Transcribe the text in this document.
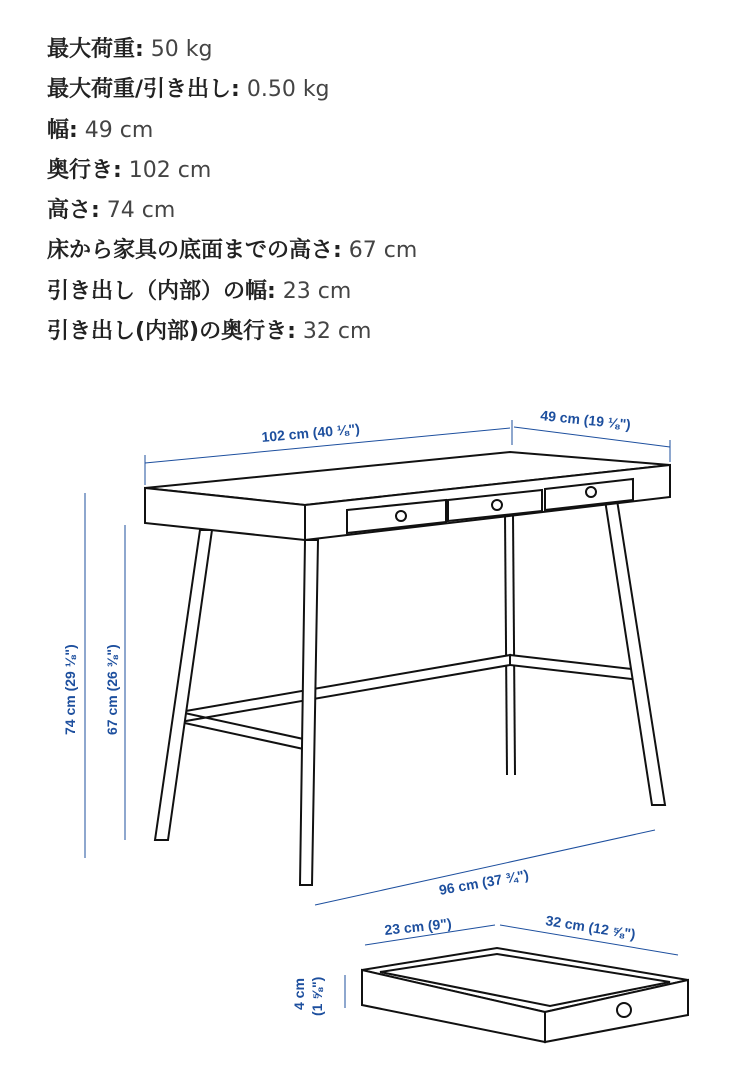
最大荷重: 50 kg
最大荷重/引き出し: 0.50 kg
幅: 49 cm
奥行き: 102 cm
高さ: 74 cm
床から家具の底面までの高さ: 67 cm
引き出し（内部）の幅: 23 cm
引き出し(内部)の奥行き: 32 cm
102 cm (40 ⅛")
49 cm (19 ⅛")
74 cm (29 ⅛") 67 cm (26 ⅜")
96 cm (37 ¾")
23 cm (9")	32 cm (12 ⅝")
4 cm (1 ⅝")
